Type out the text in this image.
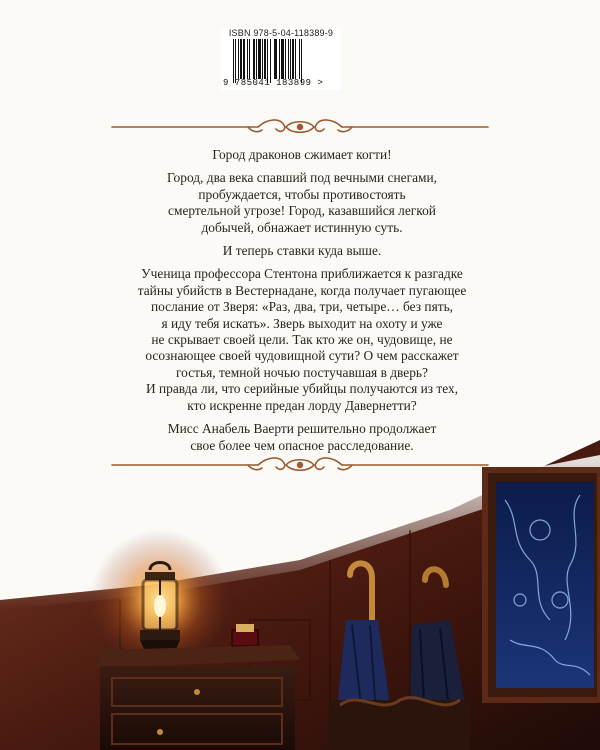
ISBN 978-5-04-118389-9
9 785041 183899 >

Город драконов сжимает когти!

Город, два века спавший под вечными снегами,
пробуждается, чтобы противостоять
смертельной угрозе! Город, казавшийся легкой
добычей, обнажает истинную суть.

И теперь ставки куда выше.

Ученица профессора Стентона приближается к разгадке
тайны убийств в Вестернадане, когда получает пугающее
послание от Зверя: «Раз, два, три, четыре… без пять,
я иду тебя искать». Зверь выходит на охоту и уже
не скрывает своей цели. Так кто же он, чудовище, не
осознающее своей чудовищной сути? О чем расскажет
гостья, темной ночью постучавшая в дверь?
И правда ли, что серийные убийцы получаются из тех,
кто искренне предан лорду Давернетти?

Мисс Анабель Ваерти решительно продолжает
свое более чем опасное расследование.
